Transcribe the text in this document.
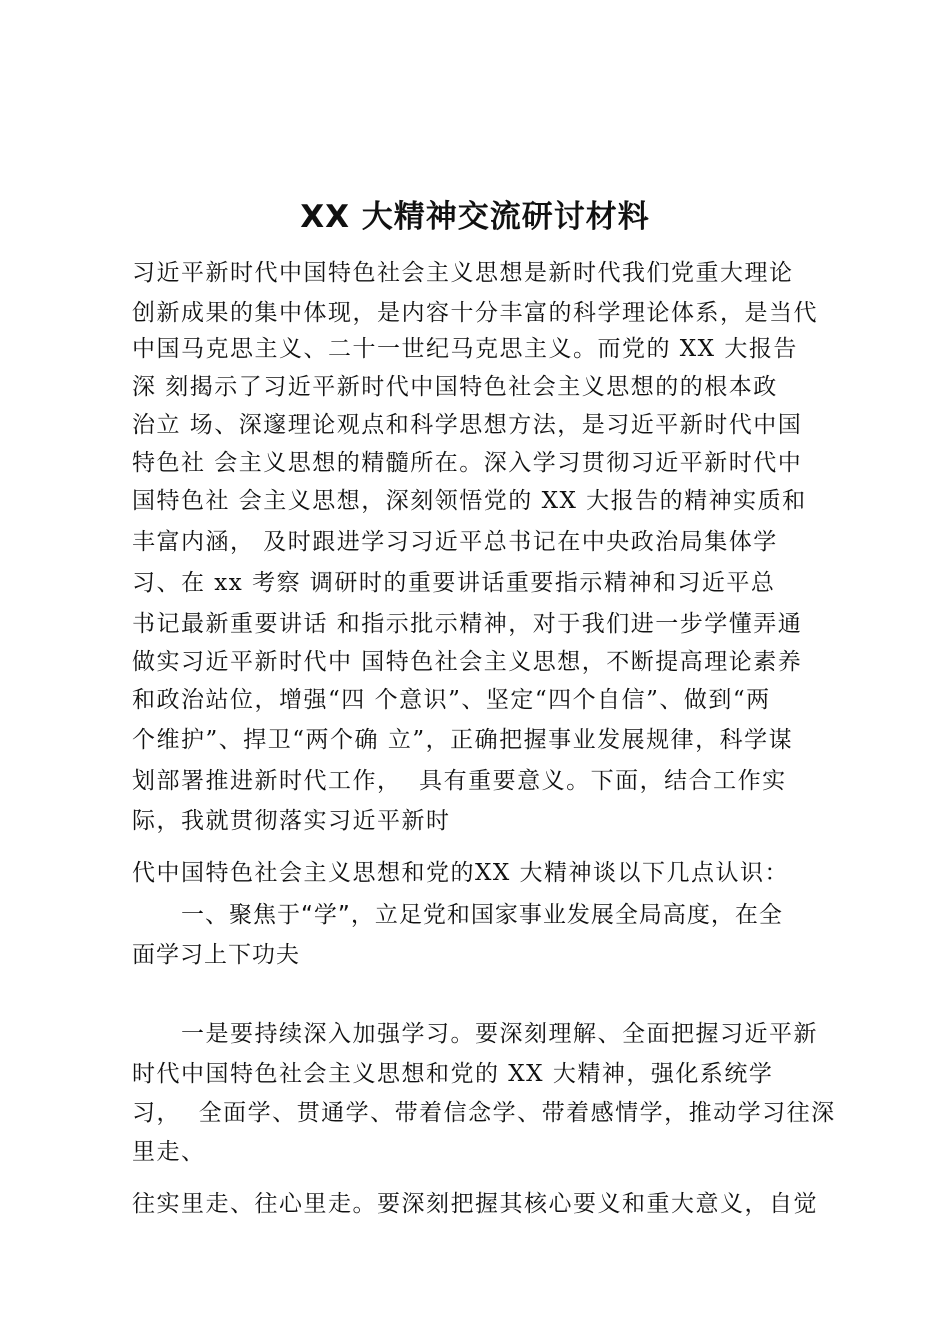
XX 大精神交流研讨材料
习近平新时代中国特色社会主义思想是新时代我们党重大理论
创新成果的集中体现，是内容十分丰富的科学理论体系，是当代
中国马克思主义、二十一世纪马克思主义。而党的 XX 大报告
深 刻揭示了习近平新时代中国特色社会主义思想的的根本政
治立 场、深邃理论观点和科学思想方法，是习近平新时代中国
特色社 会主义思想的精髓所在。深入学习贯彻习近平新时代中
国特色社 会主义思想，深刻领悟党的 XX 大报告的精神实质和
丰富内涵， 及时跟进学习习近平总书记在中央政治局集体学
习、在 xx 考察 调研时的重要讲话重要指示精神和习近平总
书记最新重要讲话 和指示批示精神，对于我们进一步学懂弄通
做实习近平新时代中 国特色社会主义思想，不断提高理论素养
和政治站位，增强“四 个意识”、坚定“四个自信”、做到“两
个维护”、捍卫“两个确 立”，正确把握事业发展规律，科学谋
划部署推进新时代工作，  具有重要意义。下面，结合工作实
际，我就贯彻落实习近平新时
代中国特色社会主义思想和党的XX 大精神谈以下几点认识：
一、聚焦于“学”，立足党和国家事业发展全局高度，在全
面学习上下功夫
一是要持续深入加强学习。要深刻理解、全面把握习近平新
时代中国特色社会主义思想和党的 XX 大精神，强化系统学
习，  全面学、贯通学、带着信念学、带着感情学，推动学习往深
里走、
往实里走、往心里走。要深刻把握其核心要义和重大意义，自觉
